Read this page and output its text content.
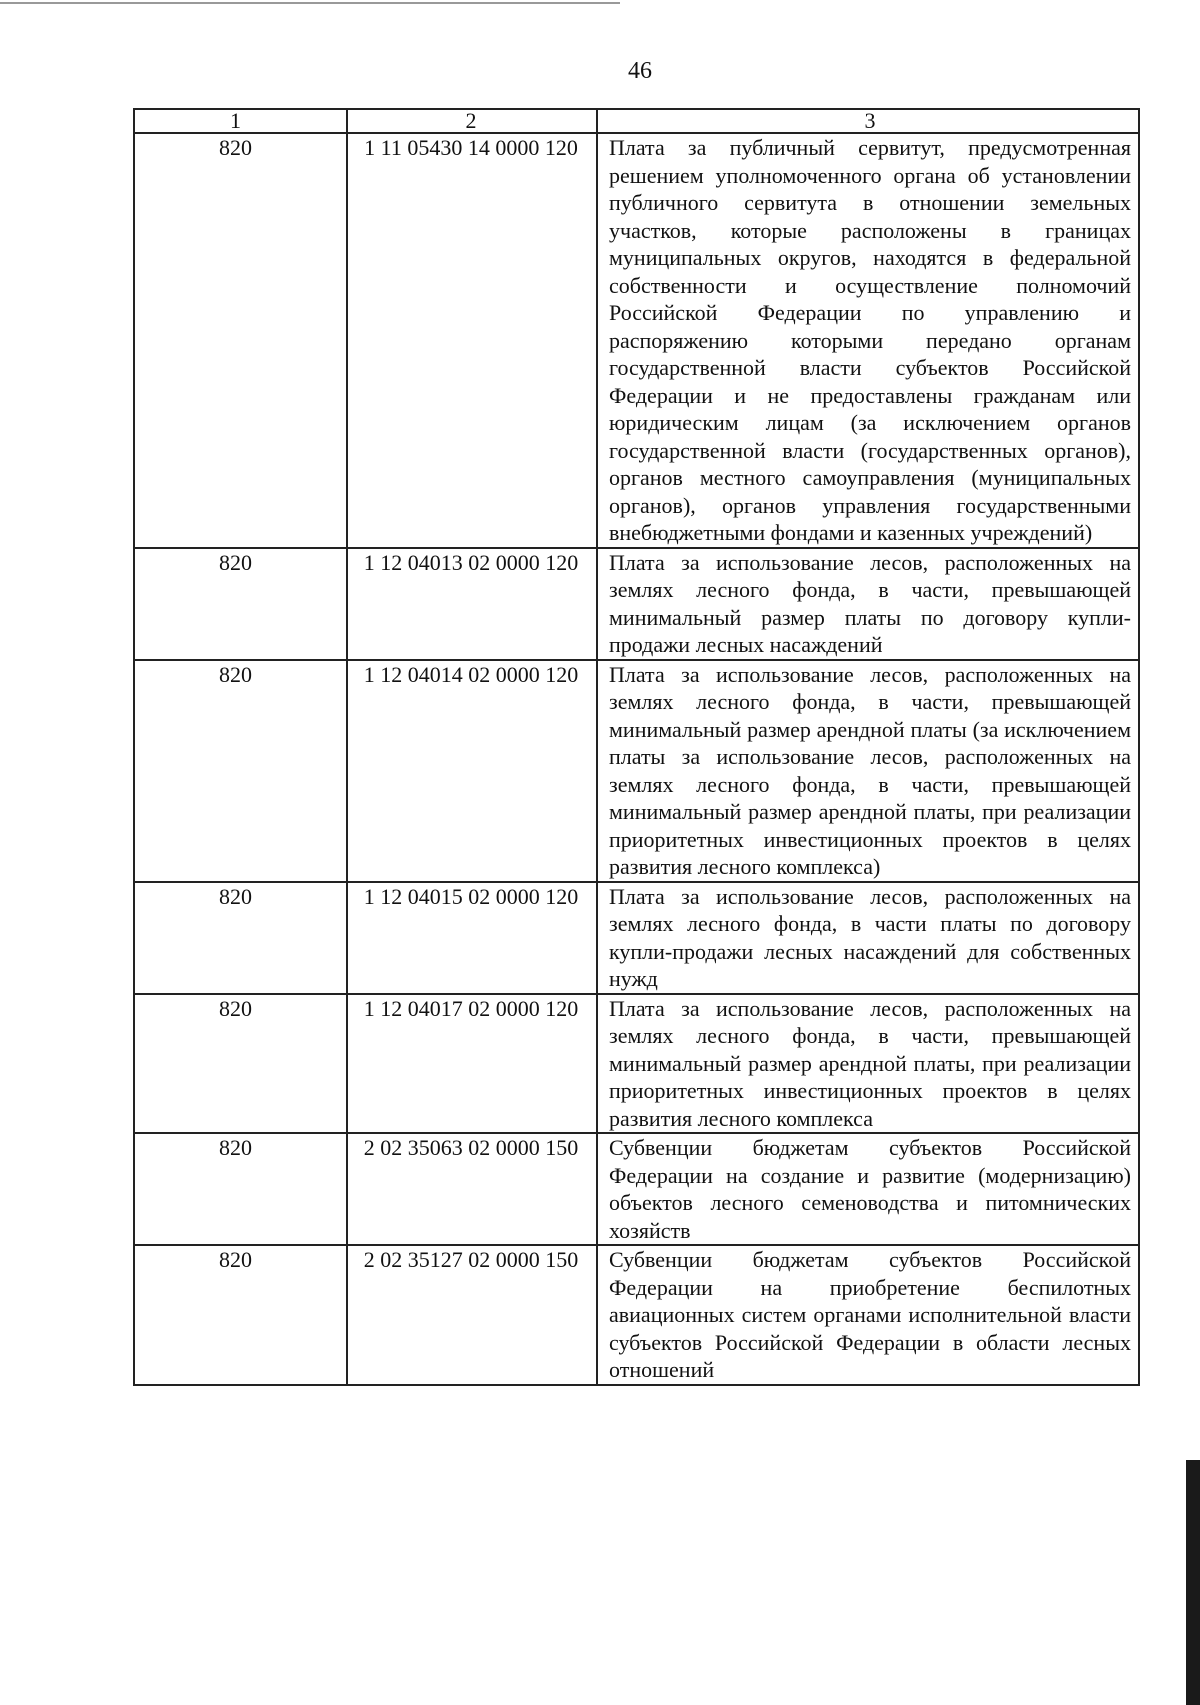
46
1	2	3
820	1 11 05430 14 0000 120	Плата за публичный сервитут, предусмотренная решением уполномоченного органа об установлении публичного сервитута в отношении земельных участков, которые расположены в границах муниципальных округов, находятся в федеральной собственности и осуществление полномочий Российской Федерации по управлению и распоряжению которыми передано органам государственной власти субъектов Российской Федерации и не предоставлены гражданам или юридическим лицам (за исключением органов государственной власти (государственных органов), органов местного самоуправления (муниципальных органов), органов управления государственными внебюджетными фондами и казенных учреждений)
820	1 12 04013 02 0000 120	Плата за использование лесов, расположенных на землях лесного фонда, в части, превышающей минимальный размер платы по договору купли-продажи лесных насаждений
820	1 12 04014 02 0000 120	Плата за использование лесов, расположенных на землях лесного фонда, в части, превышающей минимальный размер арендной платы (за исключением платы за использование лесов, расположенных на землях лесного фонда, в части, превышающей минимальный размер арендной платы, при реализации приоритетных инвестиционных проектов в целях развития лесного комплекса)
820	1 12 04015 02 0000 120	Плата за использование лесов, расположенных на землях лесного фонда, в части платы по договору купли-продажи лесных насаждений для собственных нужд
820	1 12 04017 02 0000 120	Плата за использование лесов, расположенных на землях лесного фонда, в части, превышающей минимальный размер арендной платы, при реализации приоритетных инвестиционных проектов в целях развития лесного комплекса
820	2 02 35063 02 0000 150	Субвенции бюджетам субъектов Российской Федерации на создание и развитие (модернизацию) объектов лесного семеноводства и питомнических хозяйств
820	2 02 35127 02 0000 150	Субвенции бюджетам субъектов Российской Федерации на приобретение беспилотных авиационных систем органами исполнительной власти субъектов Российской Федерации в области лесных отношений
